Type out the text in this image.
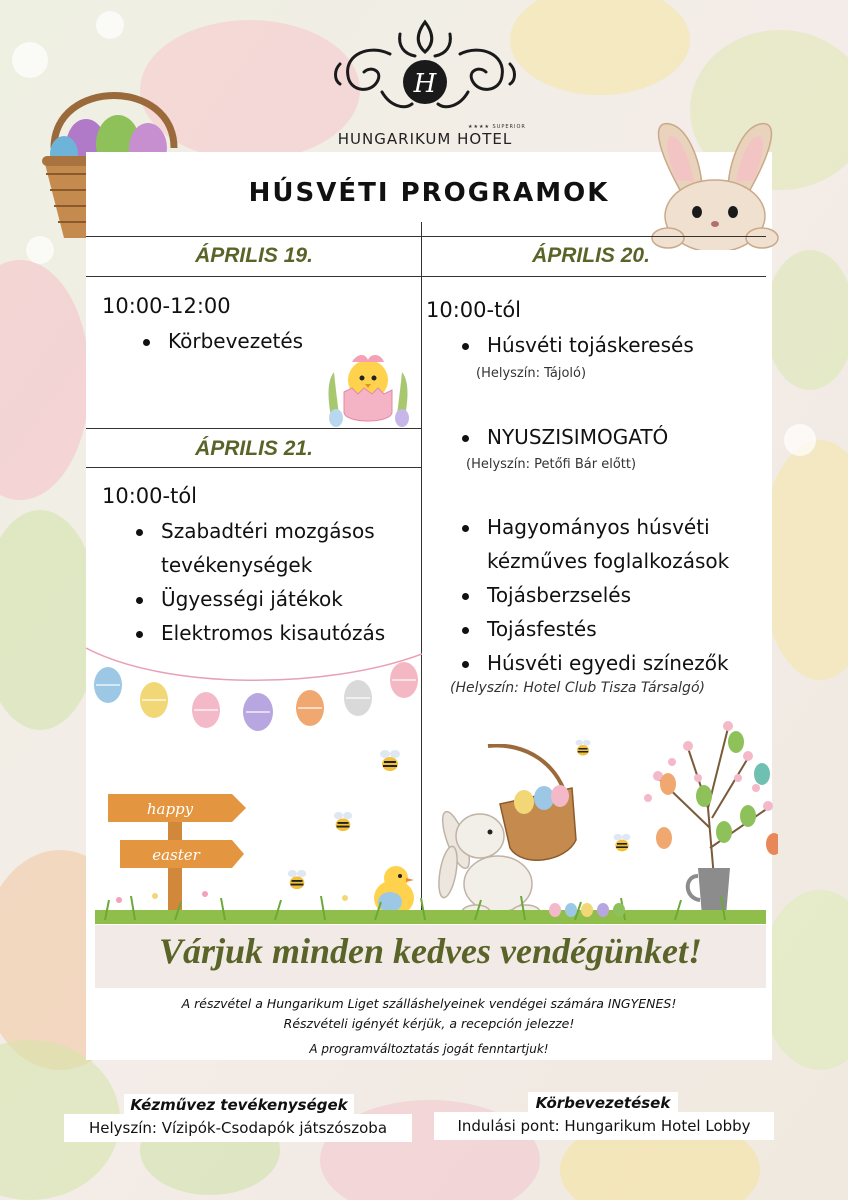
H
★★★★ SUPERIOR
HUNGARIKUM HOTEL
HÚSVÉTI PROGRAMOK
ÁPRILIS 19.
10:00-12:00
Körbevezetés
ÁPRILIS 21.
10:00-tól
Szabadtéri mozgásos
tevékenységek
Ügyességi játékok
Elektromos kisautózás
ÁPRILIS 20.
10:00-tól
Húsvéti tojáskeresés
(Helyszín: Tájoló)
NYUSZISIMOGATÓ
(Helyszín: Petőfi Bár előtt)
Hagyományos húsvéti
kézműves foglalkozások
Tojásberzselés
Tojásfestés
Húsvéti egyedi színezők
(Helyszín: Hotel Club Tisza Társalgó)
happy
easter
Várjuk minden kedves vendégünket!
A részvétel a Hungarikum Liget szálláshelyeinek vendégei számára INGYENES!
Részvételi igényét kérjük, a recepción jelezze!
A programváltoztatás jogát fenntartjuk!
Kézművez tevékenységek
Helyszín: Vízipók-Csodapók játszószoba
Körbevezetések
Indulási pont: Hungarikum Hotel Lobby
